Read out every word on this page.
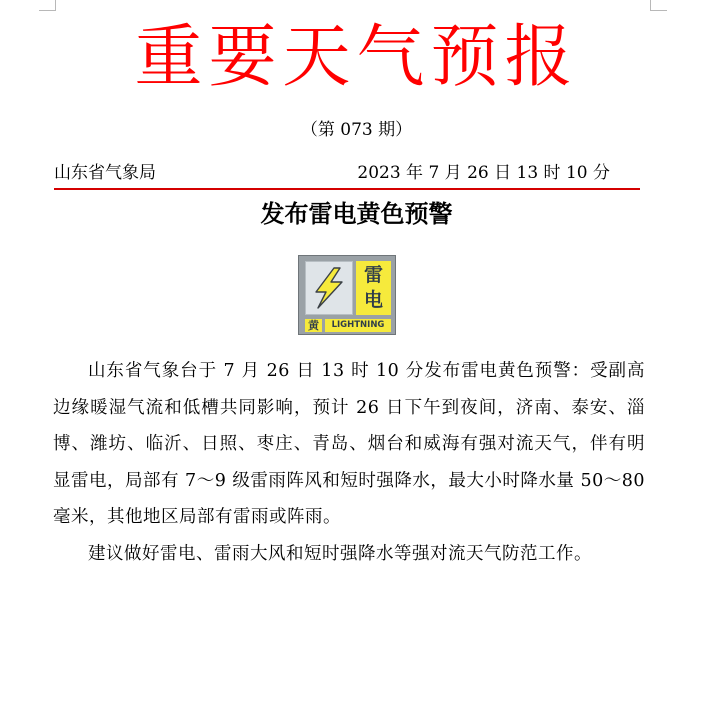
重要天气预报
（第 073 期）
山东省气象局	2023 年 7 月 26 日 13 时 10 分
发布雷电黄色预警
雷
电
黄	LIGHTNING

山东省气象台于 7 月 26 日 13 时 10 分发布雷电黄色预警：受副高边缘暖湿气流和低槽共同影响，预计 26 日下午到夜间，济南、泰安、淄博、潍坊、临沂、日照、枣庄、青岛、烟台和威海有强对流天气，伴有明显雷电，局部有 7～9 级雷雨阵风和短时强降水，最大小时降水量 50～80 毫米，其他地区局部有雷雨或阵雨。

建议做好雷电、雷雨大风和短时强降水等强对流天气防范工作。
